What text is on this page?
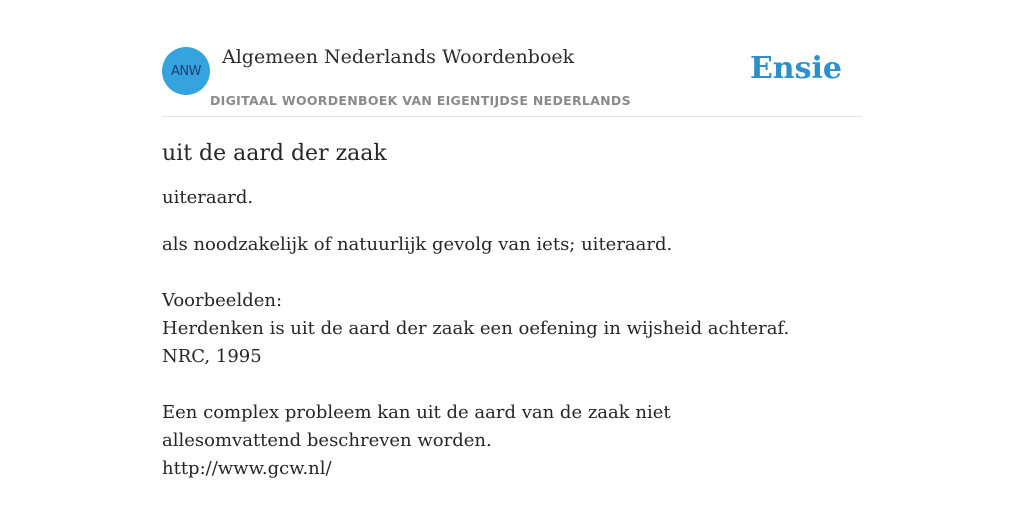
ANW
Algemeen Nederlands Woordenboek
DIGITAAL WOORDENBOEK VAN EIGENTIJDSE NEDERLANDS
Ensie
uit de aard der zaak

uiteraard.

als noodzakelijk of natuurlijk gevolg van iets; uiteraard.

Voorbeelden:
Herdenken is uit de aard der zaak een oefening in wijsheid achteraf.
NRC, 1995
Een complex probleem kan uit de aard van de zaak niet allesomvattend beschreven worden.
http://www.gcw.nl/
